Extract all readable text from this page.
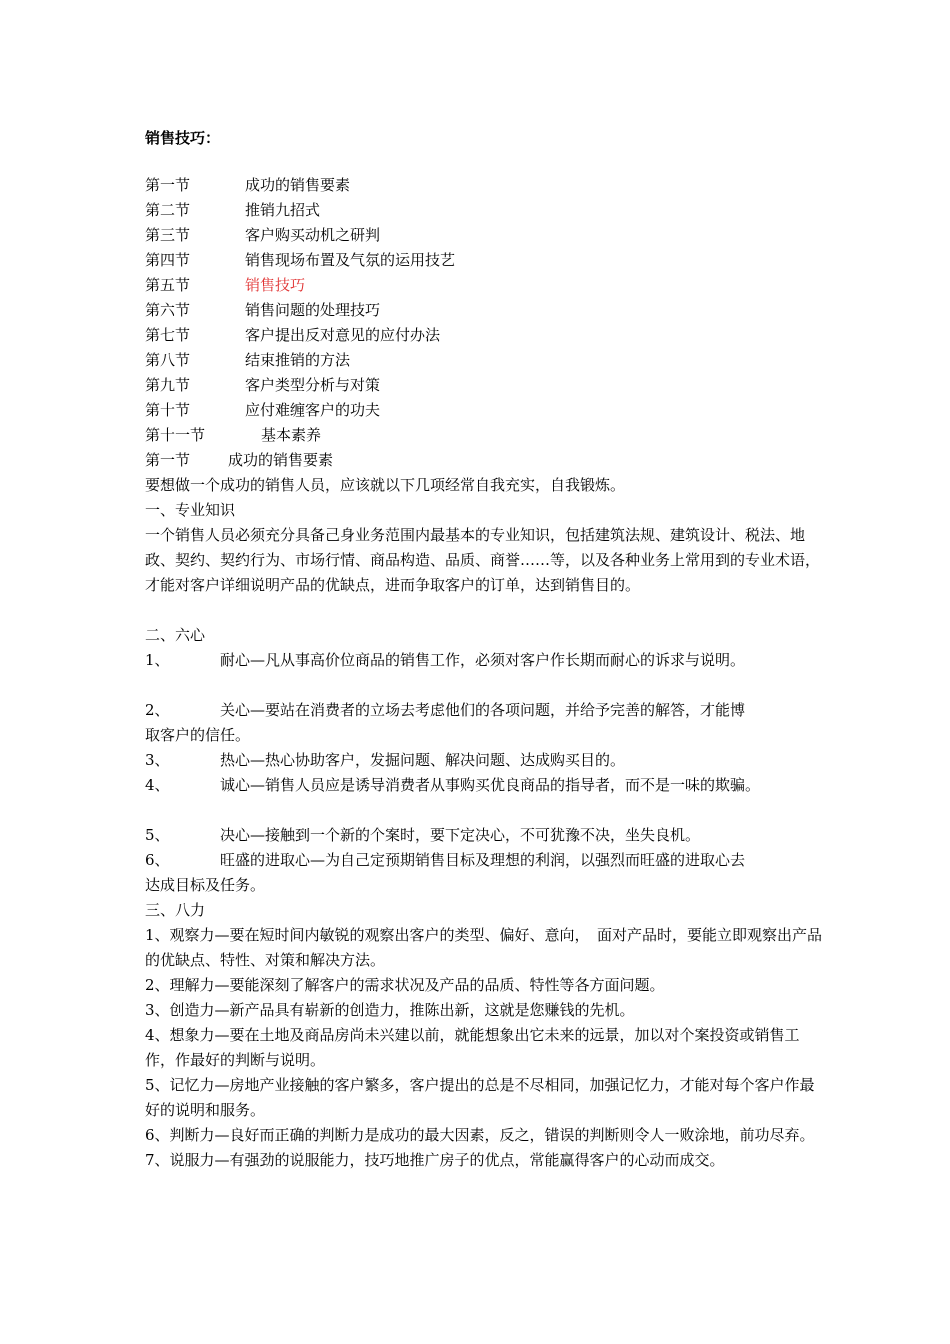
销售技巧：
第一节	成功的销售要素
第二节	推销九招式
第三节	客户购买动机之研判
第四节	销售现场布置及气氛的运用技艺
第五节	销售技巧
第六节	销售问题的处理技巧
第七节	客户提出反对意见的应付办法
第八节	结束推销的方法
第九节	客户类型分析与对策
第十节	应付难缠客户的功夫
第十一节	基本素养
第一节	成功的销售要素
要想做一个成功的销售人员，应该就以下几项经常自我充实，自我锻炼。
一、专业知识
一个销售人员必须充分具备己身业务范围内最基本的专业知识，包括建筑法规、建筑设计、税法、地政、契约、契约行为、市场行情、商品构造、品质、商誉……等，以及各种业务上常用到的专业术语，才能对客户详细说明产品的优缺点，进而争取客户的订单，达到销售目的。
二、六心
1、	耐心—凡从事高价位商品的销售工作，必须对客户作长期而耐心的诉求与说明。
2、	关心—要站在消费者的立场去考虑他们的各项问题，并给予完善的解答，才能博
取客户的信任。
3、	热心—热心协助客户，发掘问题、解决问题、达成购买目的。
4、	诚心—销售人员应是诱导消费者从事购买优良商品的指导者，而不是一味的欺骗。
5、	决心—接触到一个新的个案时，要下定决心，不可犹豫不决，坐失良机。
6、	旺盛的进取心—为自己定预期销售目标及理想的利润，以强烈而旺盛的进取心去
达成目标及任务。
三、八力
1、观察力—要在短时间内敏锐的观察出客户的类型、偏好、意向，　面对产品时，要能立即观察出产品的优缺点、特性、对策和解决方法。
2、理解力—要能深刻了解客户的需求状况及产品的品质、特性等各方面问题。
3、创造力—新产品具有崭新的创造力，推陈出新，这就是您赚钱的先机。
4、想象力—要在土地及商品房尚未兴建以前，就能想象出它未来的远景，加以对个案投资或销售工作，作最好的判断与说明。
5、记忆力—房地产业接触的客户繁多，客户提出的总是不尽相同，加强记忆力，才能对每个客户作最好的说明和服务。
6、判断力—良好而正确的判断力是成功的最大因素，反之，错误的判断则令人一败涂地，前功尽弃。
7、说服力—有强劲的说服能力，技巧地推广房子的优点，常能赢得客户的心动而成交。
